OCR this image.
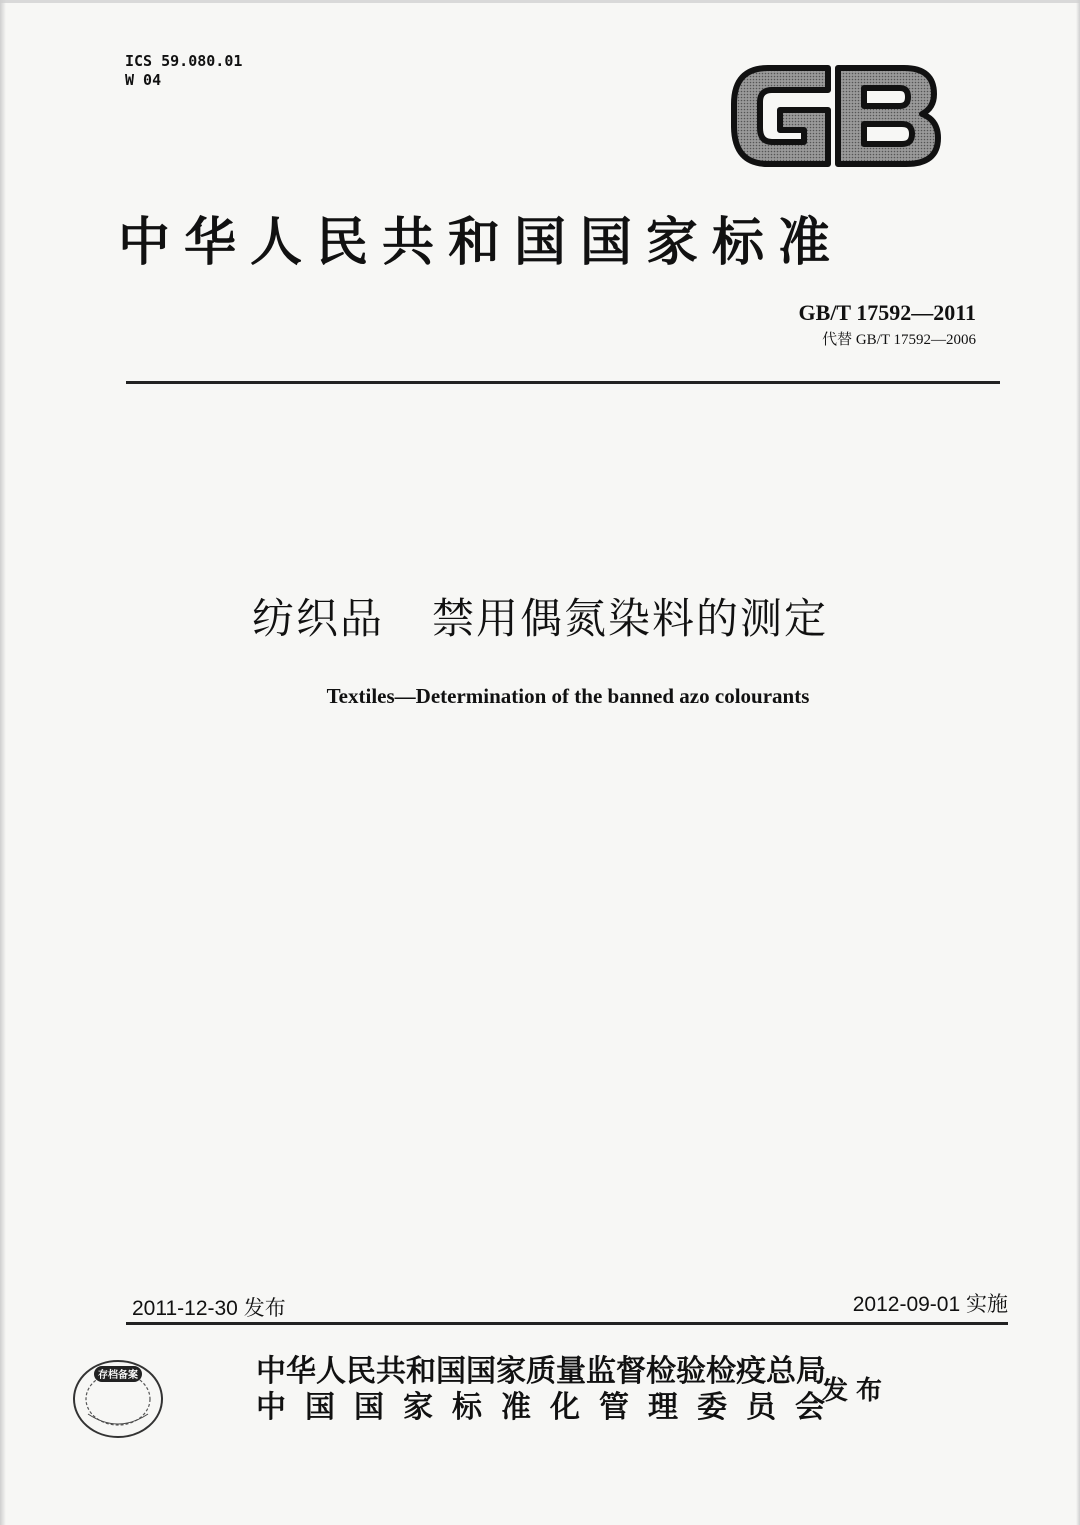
ICS 59.080.01
W 04
中华人民共和国国家标准
GB/T 17592—2011
代替 GB/T 17592—2006
纺织品 禁用偶氮染料的测定
Textiles—Determination of the banned azo colourants
2011-12-30 发布	2012-09-01 实施
存档备案	中华人民共和国国家质量监督检验检疫总局
中国国家标准化管理委员会
发布
